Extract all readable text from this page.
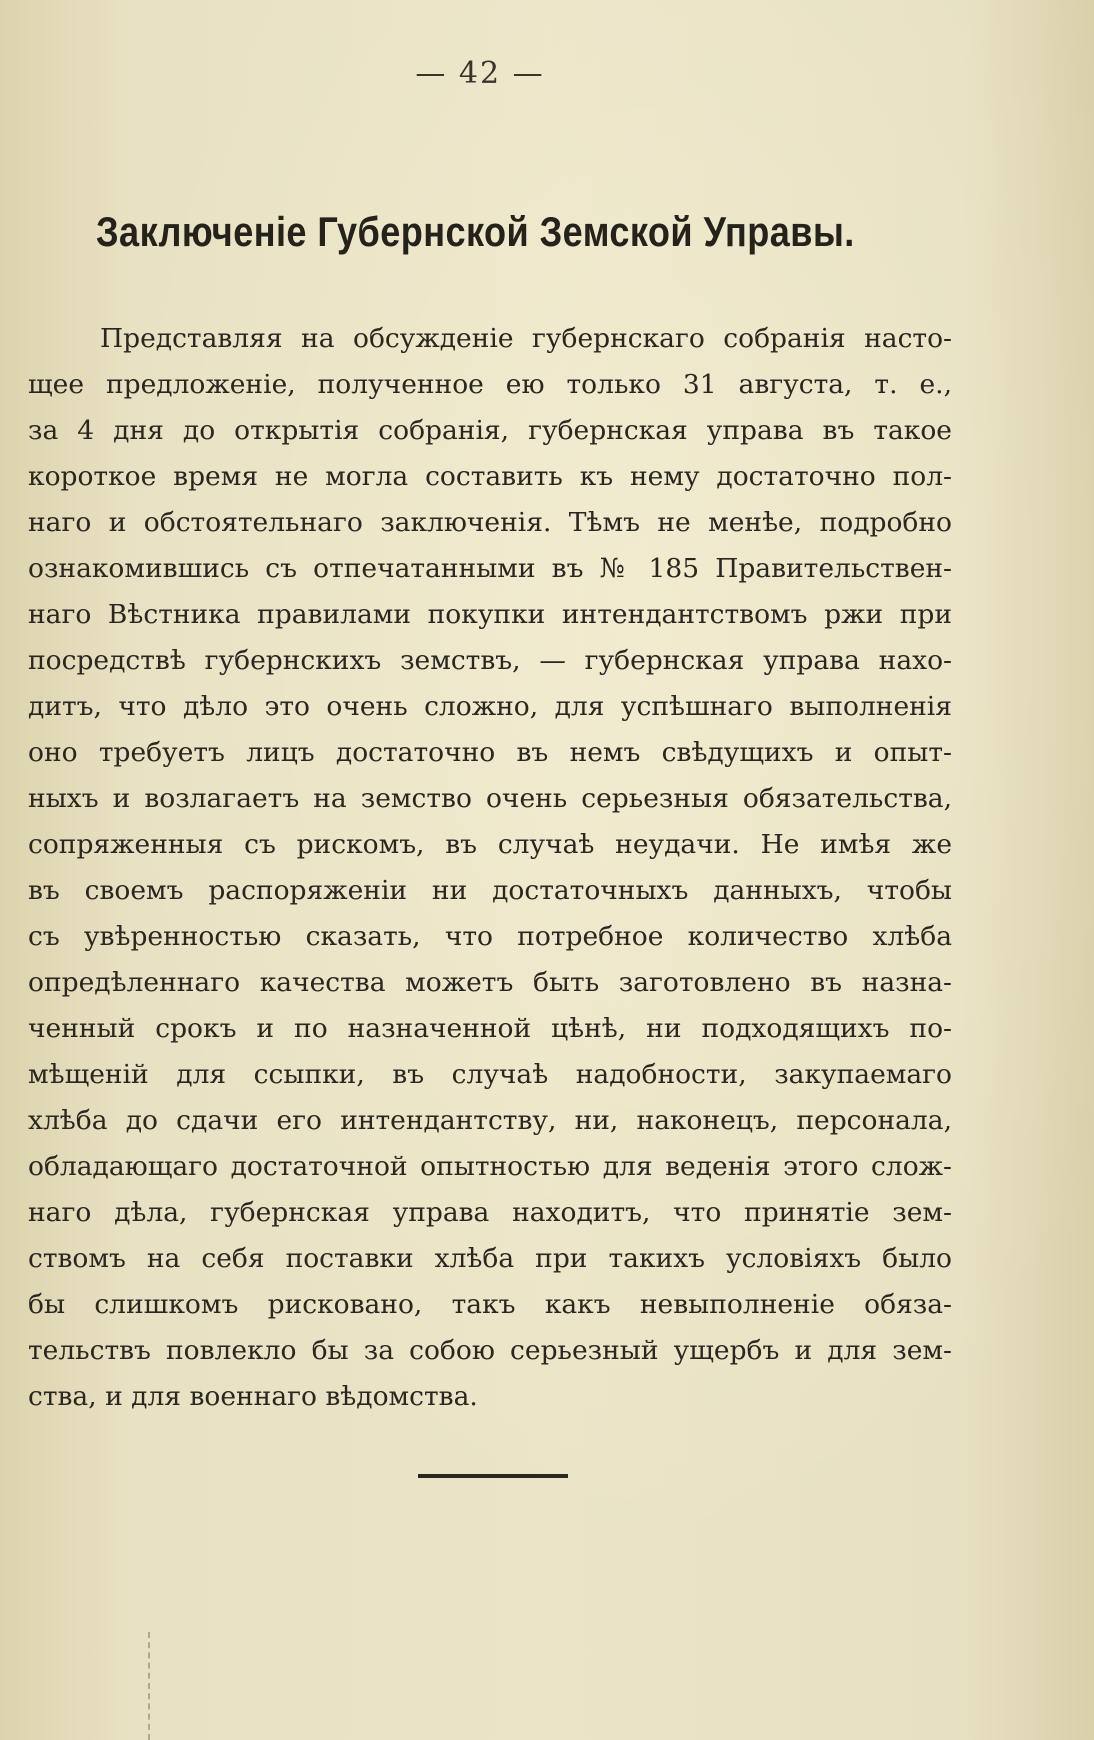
— 42 —
Заключеніе Губернской Земской Управы.
Представляя на обсужденіе губернскаго собранія насто-
щее предложеніе, полученное ею только 31 августа, т. е.,
за 4 дня до открытія собранія, губернская управа въ такое
короткое время не могла составить къ нему достаточно пол-
наго и обстоятельнаго заключенія. Тѣмъ не менѣе, подробно
ознакомившись съ отпечатанными въ № 185 Правительствен-
наго Вѣстника правилами покупки интендантствомъ ржи при
посредствѣ губернскихъ земствъ, — губернская управа нахо-
дитъ, что дѣло это очень сложно, для успѣшнаго выполненія
оно требуетъ лицъ достаточно въ немъ свѣдущихъ и опыт-
ныхъ и возлагаетъ на земство очень серьезныя обязательства,
сопряженныя съ рискомъ, въ случаѣ неудачи. Не имѣя же
въ своемъ распоряженіи ни достаточныхъ данныхъ, чтобы
съ увѣренностью сказать, что потребное количество хлѣба
опредѣленнаго качества можетъ быть заготовлено въ назна-
ченный срокъ и по назначенной цѣнѣ, ни подходящихъ по-
мѣщеній для ссыпки, въ случаѣ надобности, закупаемаго
хлѣба до сдачи его интендантству, ни, наконецъ, персонала,
обладающаго достаточной опытностью для веденія этого слож-
наго дѣла, губернская управа находитъ, что принятіе зем-
ствомъ на себя поставки хлѣба при такихъ условіяхъ было
бы слишкомъ рисковано, такъ какъ невыполненіе обяза-
тельствъ повлекло бы за собою серьезный ущербъ и для зем-
ства, и для военнаго вѣдомства.
